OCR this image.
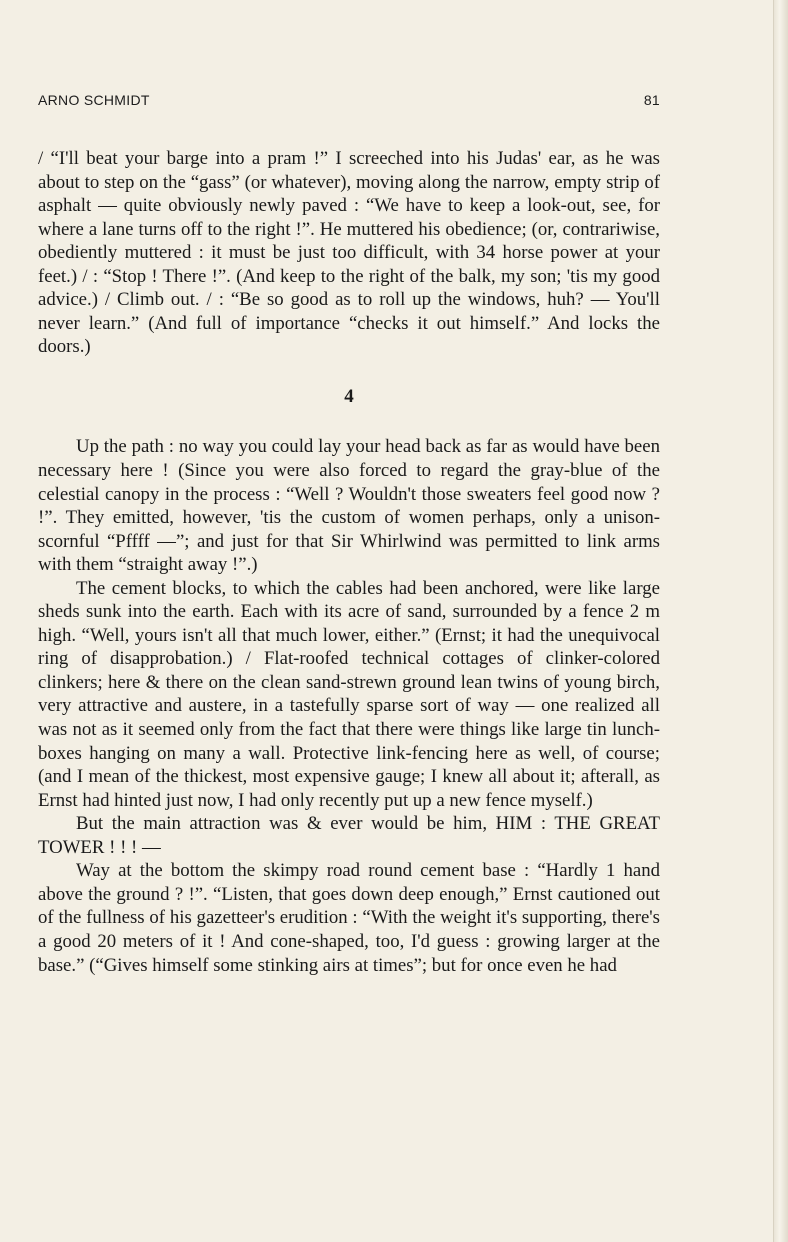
ARNO SCHMIDT	81

/ “I'll beat your barge into a pram !” I screeched into his Judas' ear, as he was about to step on the “gass” (or whatever), moving along the narrow, empty strip of asphalt — quite obviously newly paved : “We have to keep a look-out, see, for where a lane turns off to the right !”. He muttered his obedience; (or, contrariwise, obediently muttered : it must be just too difficult, with 34 horse power at your feet.) / : “Stop ! There !”. (And keep to the right of the balk, my son; 'tis my good advice.) / Climb out. / : “Be so good as to roll up the windows, huh? — You'll never learn.” (And full of importance “checks it out himself.” And locks the doors.)

4

Up the path : no way you could lay your head back as far as would have been necessary here ! (Since you were also forced to regard the gray-blue of the celestial canopy in the process : “Well ? Wouldn't those sweaters feel good now ? !”. They emitted, however, 'tis the custom of women perhaps, only a unison-scornful “Pffff —”; and just for that Sir Whirlwind was permitted to link arms with them “straight away !”.)

The cement blocks, to which the cables had been anchored, were like large sheds sunk into the earth. Each with its acre of sand, surrounded by a fence 2 m high. “Well, yours isn't all that much lower, either.” (Ernst; it had the unequivocal ring of disapprobation.) / Flat-roofed technical cottages of clinker-colored clinkers; here & there on the clean sand-strewn ground lean twins of young birch, very attractive and austere, in a tastefully sparse sort of way — one realized all was not as it seemed only from the fact that there were things like large tin lunch-boxes hanging on many a wall. Protective link-fencing here as well, of course; (and I mean of the thickest, most expensive gauge; I knew all about it; afterall, as Ernst had hinted just now, I had only recently put up a new fence myself.)

But the main attraction was & ever would be him, HIM : THE GREAT TOWER ! ! ! —

Way at the bottom the skimpy road round cement base : “Hardly 1 hand above the ground ? !”. “Listen, that goes down deep enough,” Ernst cautioned out of the fullness of his gazetteer's erudition : “With the weight it's supporting, there's a good 20 meters of it ! And cone-shaped, too, I'd guess : growing larger at the base.” (“Gives himself some stinking airs at times”; but for once even he had
